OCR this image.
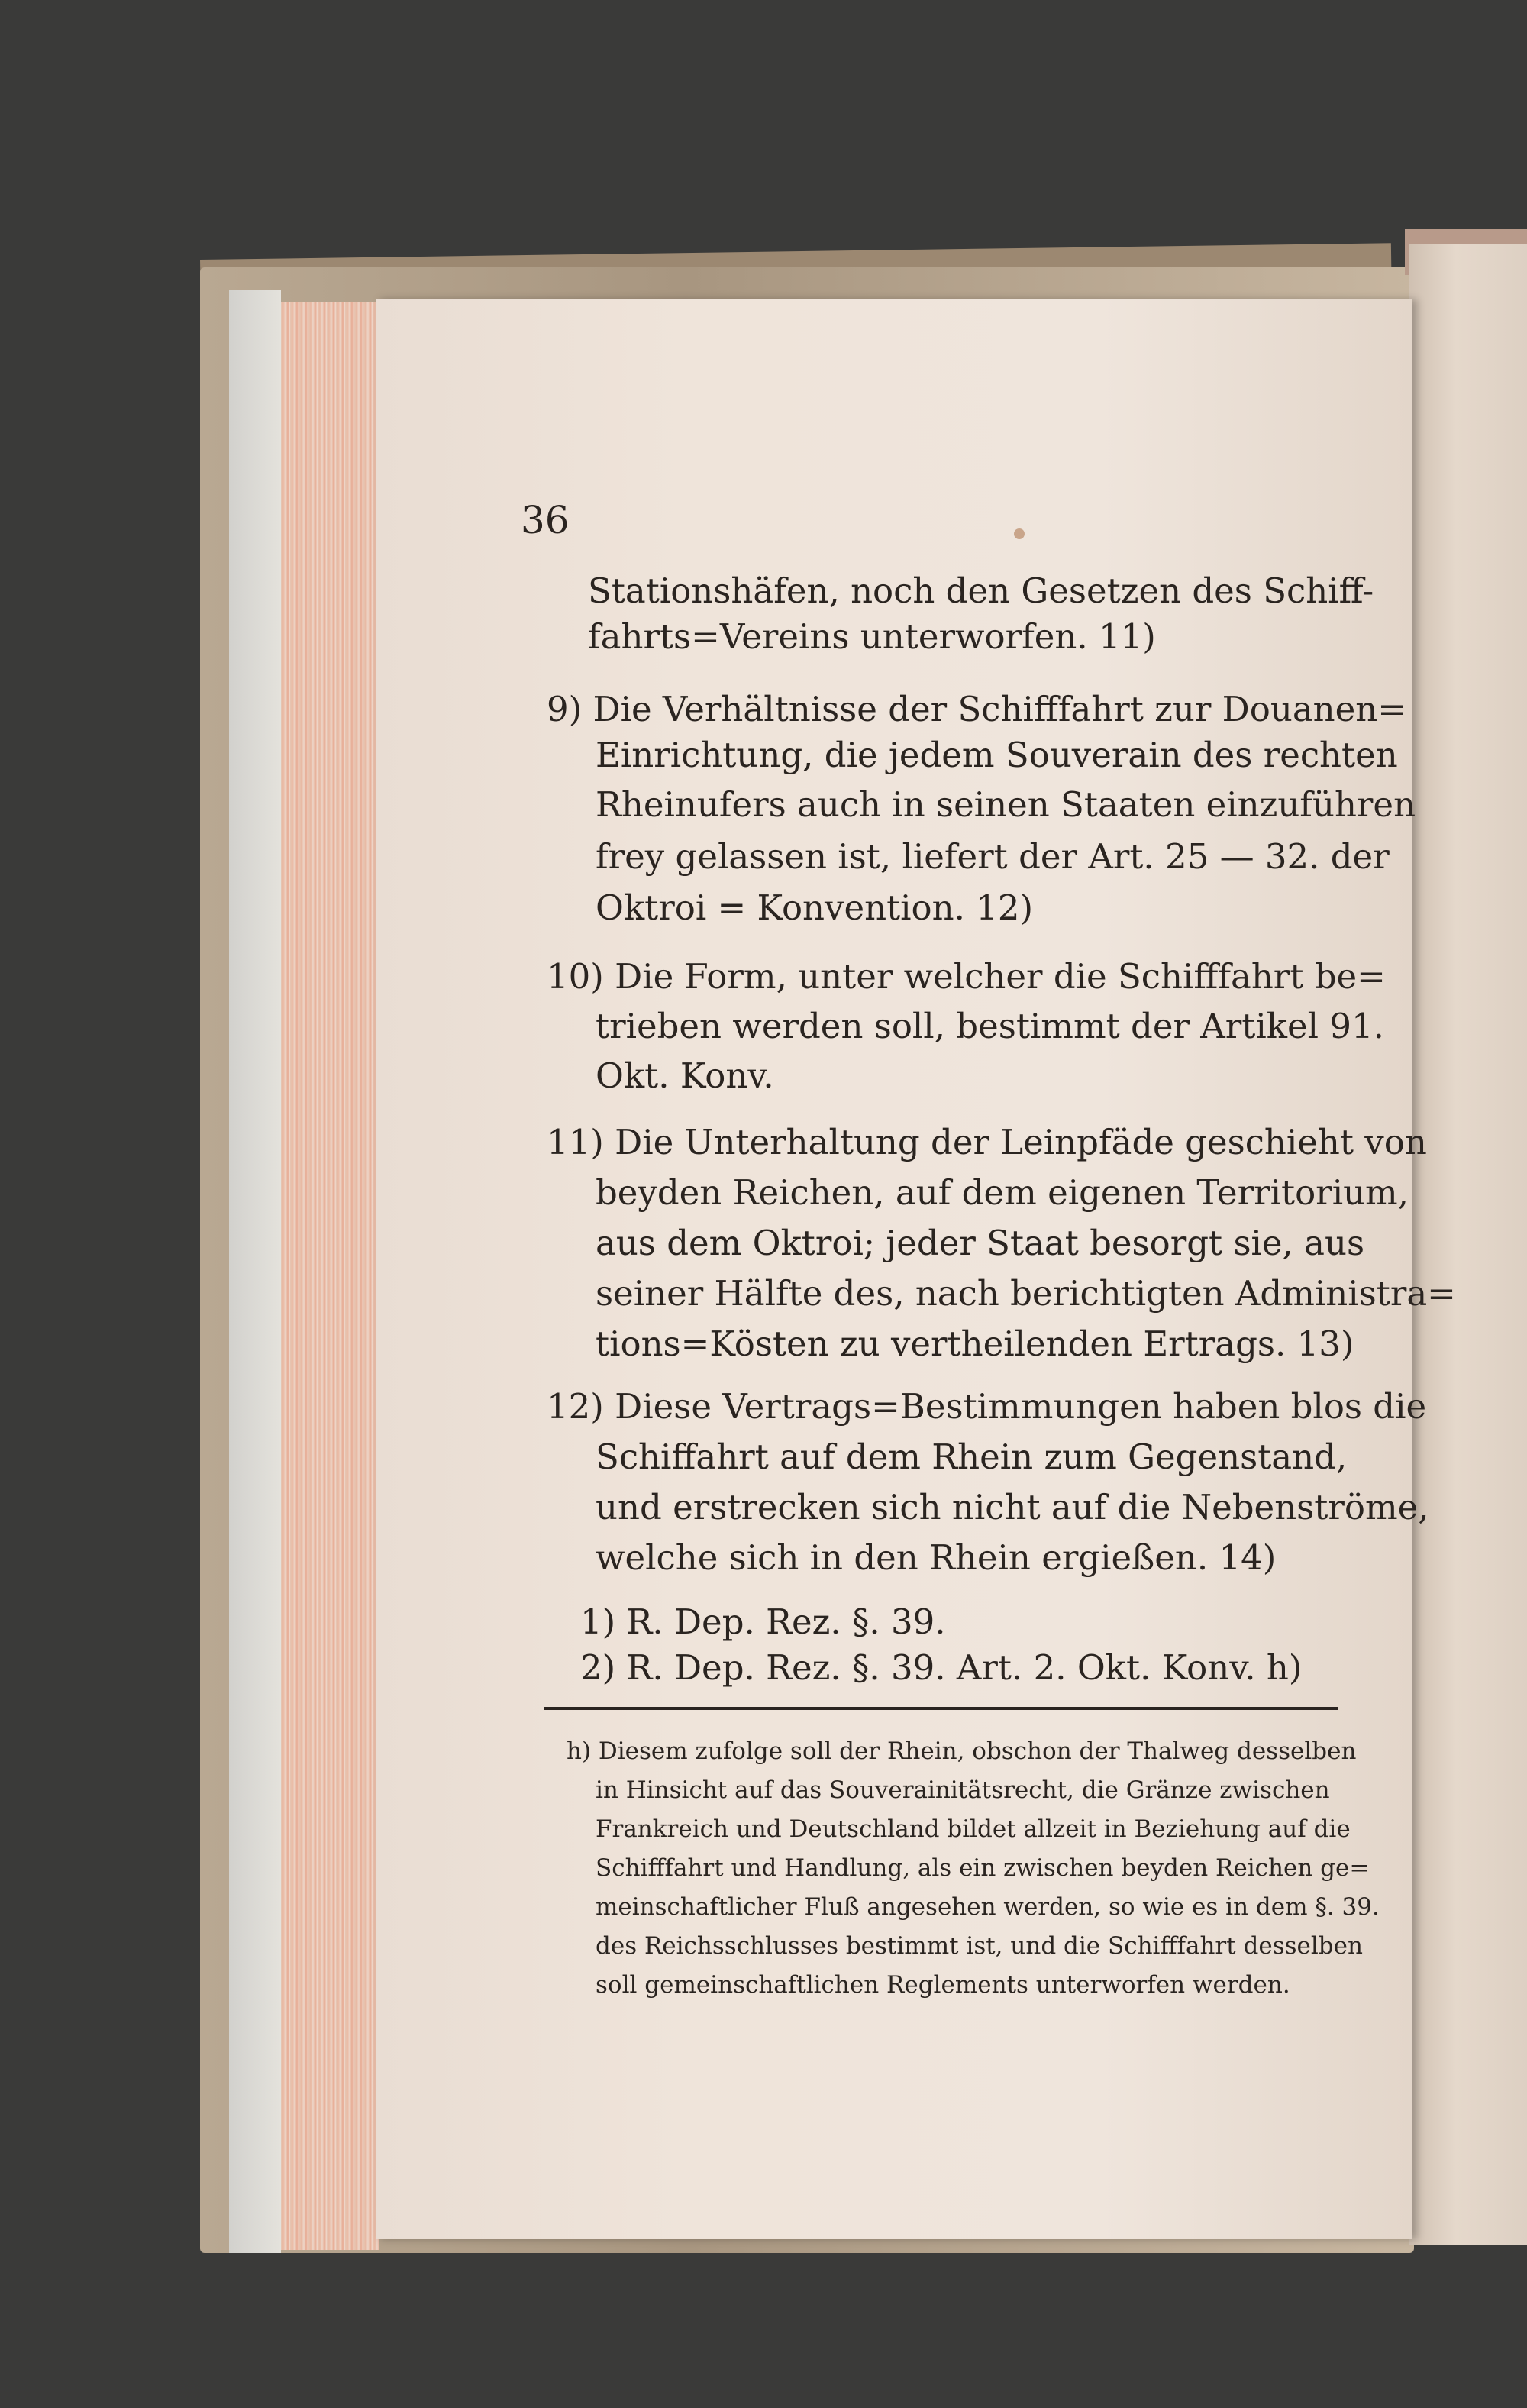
36
Stationshäfen, noch den Gesetzen des Schiff-
fahrts=Vereins unterworfen. 11)
9) Die Verhältnisse der Schifffahrt zur Douanen=
Einrichtung, die jedem Souverain des rechten
Rheinufers auch in seinen Staaten einzuführen
frey gelassen ist, liefert der Art. 25 — 32. der
Oktroi = Konvention. 12)
10) Die Form, unter welcher die Schifffahrt be=
trieben werden soll, bestimmt der Artikel 91.
Okt. Konv.
11) Die Unterhaltung der Leinpfäde geschieht von
beyden Reichen, auf dem eigenen Territorium,
aus dem Oktroi; jeder Staat besorgt sie, aus
seiner Hälfte des, nach berichtigten Administra=
tions=Kösten zu vertheilenden Ertrags. 13)
12) Diese Vertrags=Bestimmungen haben blos die
Schiffahrt auf dem Rhein zum Gegenstand,
und erstrecken sich nicht auf die Nebenströme,
welche sich in den Rhein ergießen. 14)
1) R. Dep. Rez. §. 39.
2) R. Dep. Rez. §. 39. Art. 2. Okt. Konv. h)
h) Diesem zufolge soll der Rhein, obschon der Thalweg desselben
in Hinsicht auf das Souverainitätsrecht, die Gränze zwischen
Frankreich und Deutschland bildet allzeit in Beziehung auf die
Schifffahrt und Handlung, als ein zwischen beyden Reichen ge=
meinschaftlicher Fluß angesehen werden, so wie es in dem §. 39.
des Reichsschlusses bestimmt ist, und die Schifffahrt desselben
soll gemeinschaftlichen Reglements unterworfen werden.
